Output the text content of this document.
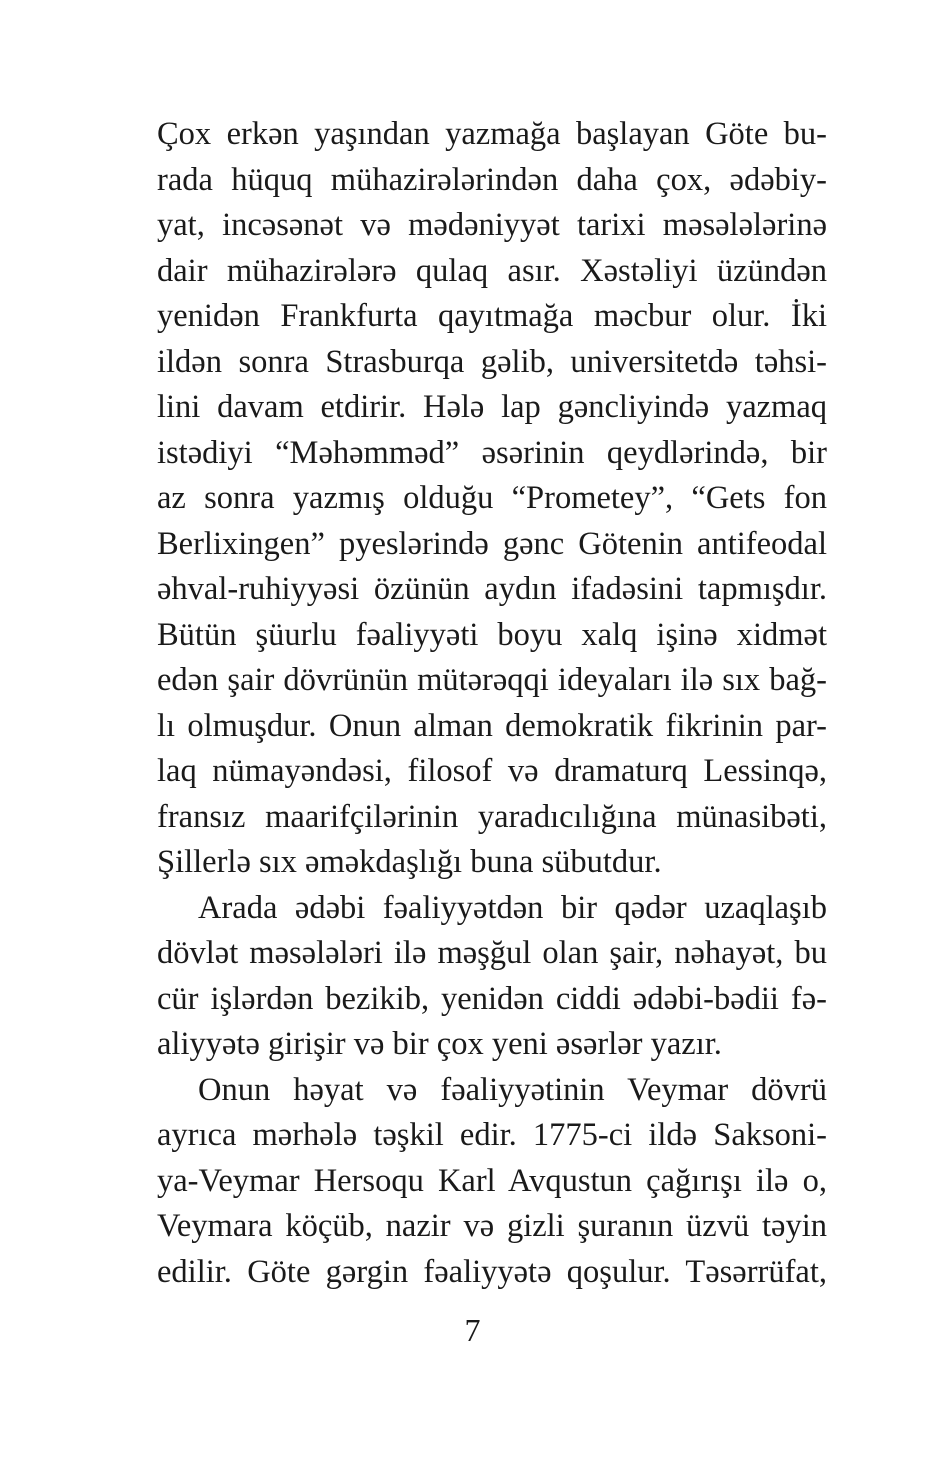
Çox erkən yaşından yazmağa başlayan Göte bu-
rada hüquq mühazirələrindən daha çox, ədəbiy-
yat, incəsənət və mədəniyyət tarixi məsələlərinə
dair mühazirələrə qulaq asır. Xəstəliyi üzündən
yenidən Frankfurta qayıtmağa məcbur olur. İki
ildən sonra Strasburqa gəlib, universitetdə təhsi-
lini davam etdirir. Hələ lap gəncliyində yazmaq
istədiyi “Məhəmməd” əsərinin qeydlərində, bir
az sonra yazmış olduğu “Prometey”, “Gets fon
Berlixingen” pyeslərində gənc Götenin antifeodal
əhval-ruhiyyəsi özünün aydın ifadəsini tapmışdır.
Bütün şüurlu fəaliyyəti boyu xalq işinə xidmət
edən şair dövrünün mütərəqqi ideyaları ilə sıx bağ-
lı olmuşdur. Onun alman demokratik fikrinin par-
laq nümayəndəsi, filosof və dramaturq Lessinqə,
fransız maarifçilərinin yaradıcılığına münasibəti,
Şillerlə sıx əməkdaşlığı buna sübutdur.
Arada ədəbi fəaliyyətdən bir qədər uzaqlaşıb
dövlət məsələləri ilə məşğul olan şair, nəhayət, bu
cür işlərdən bezikib, yenidən ciddi ədəbi-bədii fə-
aliyyətə girişir və bir çox yeni əsərlər yazır.
Onun həyat və fəaliyyətinin Veymar dövrü
ayrıca mərhələ təşkil edir. 1775-ci ildə Saksoni-
ya-Veymar Hersoqu Karl Avqustun çağırışı ilə o,
Veymara köçüb, nazir və gizli şuranın üzvü təyin
edilir. Göte gərgin fəaliyyətə qoşulur. Təsərrüfat,
7
